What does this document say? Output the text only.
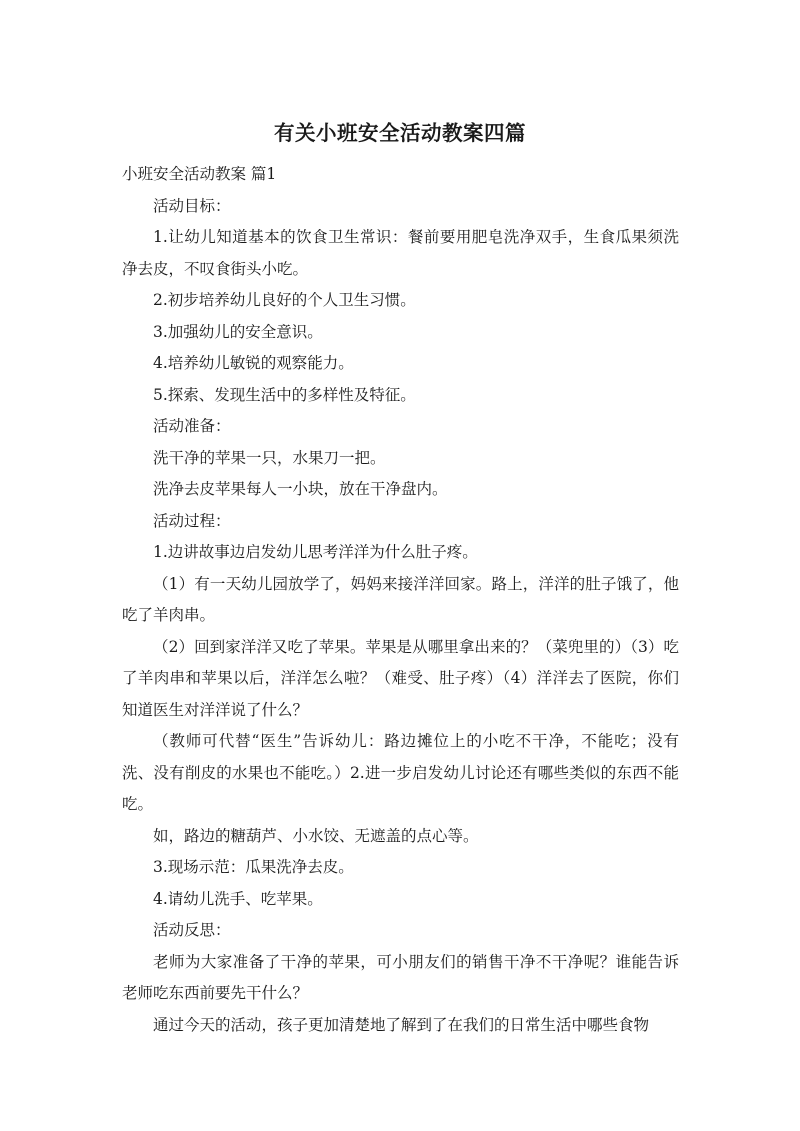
有关小班安全活动教案四篇

小班安全活动教案 篇1

活动目标：

1.让幼儿知道基本的饮食卫生常识：餐前要用肥皂洗净双手，生食瓜果须洗净去皮，不叹食街头小吃。

2.初步培养幼儿良好的个人卫生习惯。

3.加强幼儿的安全意识。

4.培养幼儿敏锐的观察能力。

5.探索、发现生活中的多样性及特征。

活动准备：

洗干净的苹果一只，水果刀一把。

洗净去皮苹果每人一小块，放在干净盘内。

活动过程：

1.边讲故事边启发幼儿思考洋洋为什么肚子疼。

（1）有一天幼儿园放学了，妈妈来接洋洋回家。路上，洋洋的肚子饿了，他吃了羊肉串。

（2）回到家洋洋又吃了苹果。苹果是从哪里拿出来的？（菜兜里的）（3）吃了羊肉串和苹果以后，洋洋怎么啦？（难受、肚子疼）（4）洋洋去了医院，你们知道医生对洋洋说了什么？

（教师可代替“医生”告诉幼儿：路边摊位上的小吃不干净，不能吃；没有洗、没有削皮的水果也不能吃。）2.进一步启发幼儿讨论还有哪些类似的东西不能吃。

如，路边的糖葫芦、小水饺、无遮盖的点心等。

3.现场示范：瓜果洗净去皮。

4.请幼儿洗手、吃苹果。

活动反思：

老师为大家准备了干净的苹果，可小朋友们的销售干净不干净呢？谁能告诉老师吃东西前要先干什么？

通过今天的活动，孩子更加清楚地了解到了在我们的日常生活中哪些食物
